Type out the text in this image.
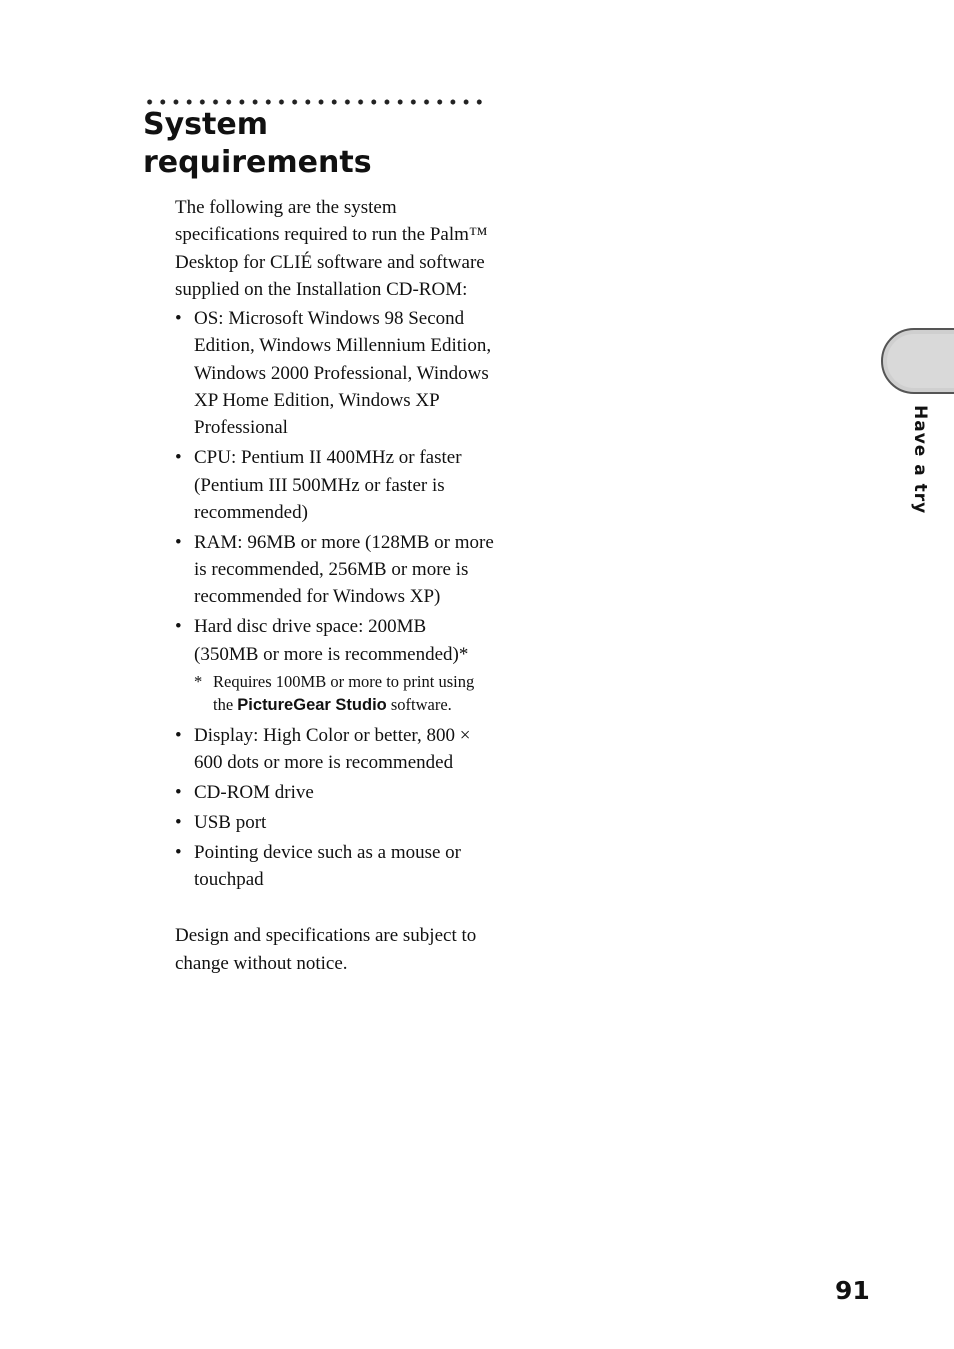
System
requirements

The following are the system specifications required to run the Palm™ Desktop for CLIÉ software and software supplied on the Installation CD-ROM:

• OS: Microsoft Windows 98 Second Edition, Windows Millennium Edition, Windows 2000 Professional, Windows XP Home Edition, Windows XP Professional
• CPU: Pentium II 400MHz or faster (Pentium III 500MHz or faster is recommended)
• RAM: 96MB or more (128MB or more is recommended, 256MB or more is recommended for Windows XP)
• Hard disc drive space: 200MB (350MB or more is recommended)*
* Requires 100MB or more to print using the PictureGear Studio software.
• Display: High Color or better, 800 × 600 dots or more is recommended
• CD-ROM drive
• USB port
• Pointing device such as a mouse or touchpad

Design and specifications are subject to change without notice.

Have a try
91
